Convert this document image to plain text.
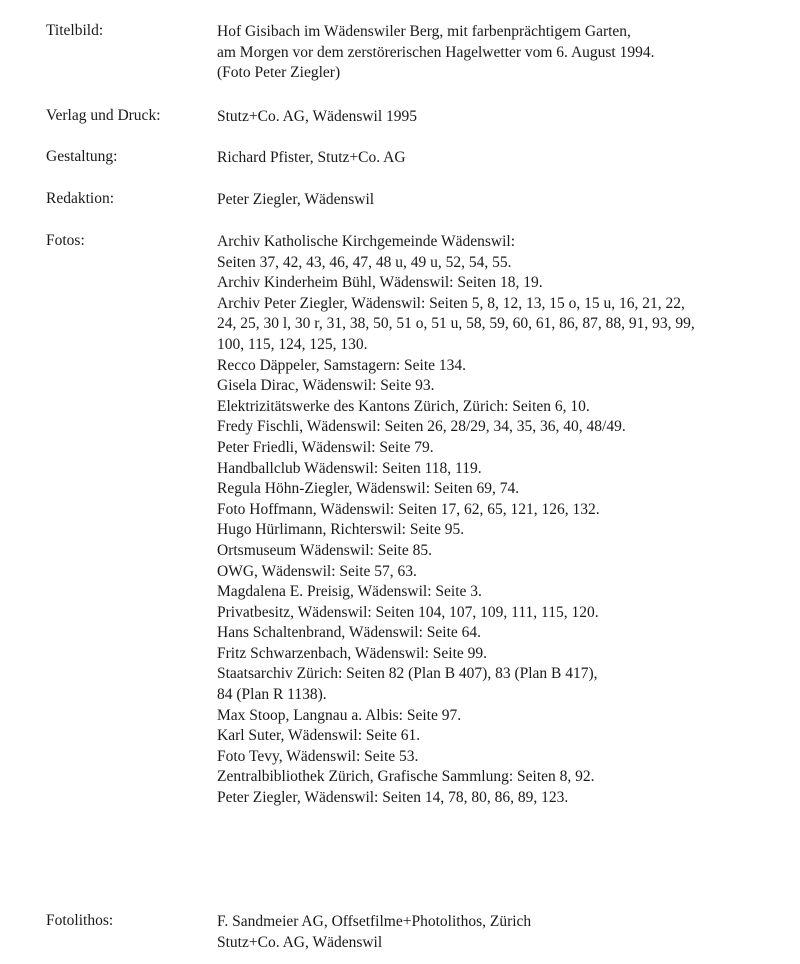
Titelbild:	Hof Gisibach im Wädenswiler Berg, mit farbenprächtigem Garten,
am Morgen vor dem zerstörerischen Hagelwetter vom 6. August 1994.
(Foto Peter Ziegler)
Verlag und Druck:	Stutz+Co. AG, Wädenswil 1995
Gestaltung:	Richard Pfister, Stutz+Co. AG
Redaktion:	Peter Ziegler, Wädenswil
Fotos:	Archiv Katholische Kirchgemeinde Wädenswil:
Seiten 37, 42, 43, 46, 47, 48 u, 49 u, 52, 54, 55.
Archiv Kinderheim Bühl, Wädenswil: Seiten 18, 19.
Archiv Peter Ziegler, Wädenswil: Seiten 5, 8, 12, 13, 15 o, 15 u, 16, 21, 22,
24, 25, 30 l, 30 r, 31, 38, 50, 51 o, 51 u, 58, 59, 60, 61, 86, 87, 88, 91, 93, 99,
100, 115, 124, 125, 130.
Recco Däppeler, Samstagern: Seite 134.
Gisela Dirac, Wädenswil: Seite 93.
Elektrizitätswerke des Kantons Zürich, Zürich: Seiten 6, 10.
Fredy Fischli, Wädenswil: Seiten 26, 28/29, 34, 35, 36, 40, 48/49.
Peter Friedli, Wädenswil: Seite 79.
Handballclub Wädenswil: Seiten 118, 119.
Regula Höhn-Ziegler, Wädenswil: Seiten 69, 74.
Foto Hoffmann, Wädenswil: Seiten 17, 62, 65, 121, 126, 132.
Hugo Hürlimann, Richterswil: Seite 95.
Ortsmuseum Wädenswil: Seite 85.
OWG, Wädenswil: Seite 57, 63.
Magdalena E. Preisig, Wädenswil: Seite 3.
Privatbesitz, Wädenswil: Seiten 104, 107, 109, 111, 115, 120.
Hans Schaltenbrand, Wädenswil: Seite 64.
Fritz Schwarzenbach, Wädenswil: Seite 99.
Staatsarchiv Zürich: Seiten 82 (Plan B 407), 83 (Plan B 417),
84 (Plan R 1138).
Max Stoop, Langnau a. Albis: Seite 97.
Karl Suter, Wädenswil: Seite 61.
Foto Tevy, Wädenswil: Seite 53.
Zentralbibliothek Zürich, Grafische Sammlung: Seiten 8, 92.
Peter Ziegler, Wädenswil: Seiten 14, 78, 80, 86, 89, 123.
Fotolithos:	F. Sandmeier AG, Offsetfilme+Photolithos, Zürich
Stutz+Co. AG, Wädenswil
